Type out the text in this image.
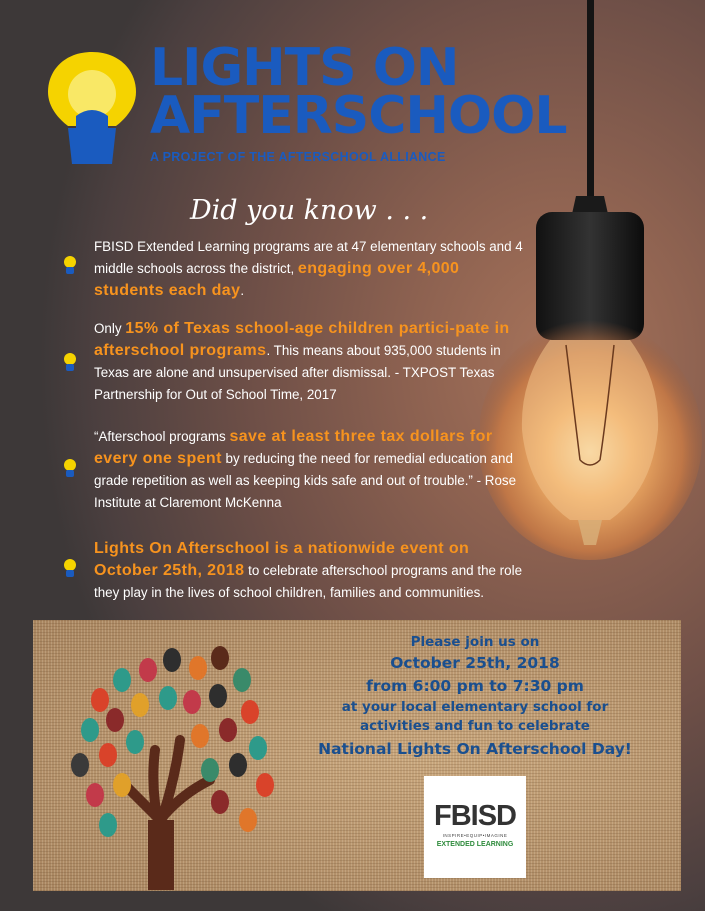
LIGHTS ON
AFTERSCHOOL
A PROJECT OF THE AFTERSCHOOL ALLIANCE
Did you know . . .
FBISD Extended Learning programs are at 47 elementary schools and 4 middle schools across the district, engaging over 4,000 students each day.
Only 15% of Texas school-age children partici-pate in afterschool programs. This means about 935,000 students in Texas are alone and unsupervised after dismissal. - TXPOST Texas Partnership for Out of School Time, 2017
“Afterschool programs save at least three tax dollars for every one spent by reducing the need for remedial education and grade repetition as well as keeping kids safe and out of trouble.” - Rose Institute at Claremont McKenna
Lights On Afterschool is a nationwide event on October 25th, 2018 to celebrate afterschool programs and the role they play in the lives of school children, families and communities.
Please join us on
October 25th, 2018
from 6:00 pm to 7:30 pm
at your local elementary school for
activities and fun to celebrate
National Lights On Afterschool Day!
FBISD
INSPIRE•EQUIP•IMAGINE
EXTENDED LEARNING
